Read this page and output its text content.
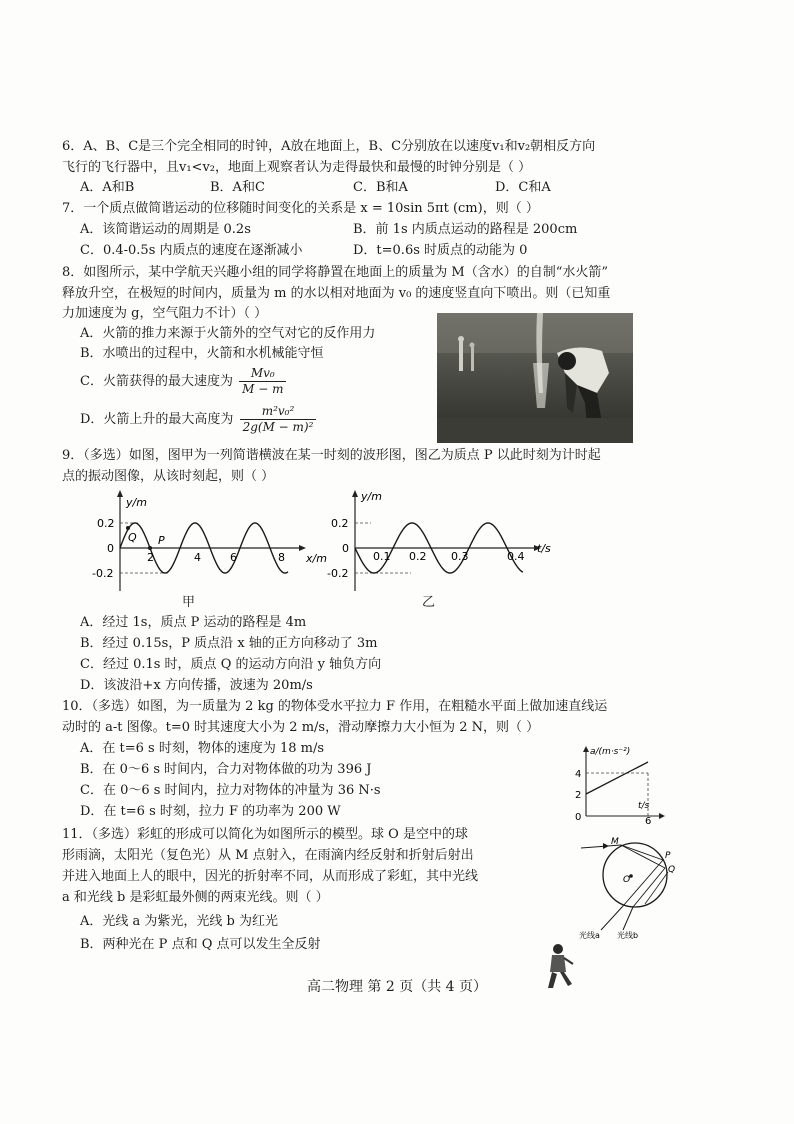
6．A、B、C是三个完全相同的时钟，A放在地面上，B、C分别放在以速度v₁和v₂朝相反方向
飞行的飞行器中，且v₁<v₂，地面上观察者认为走得最快和最慢的时钟分别是（ ）
A．A和B	B．A和C	C．B和A	D．C和A
7．一个质点做简谐运动的位移随时间变化的关系是 x = 10sin 5πt (cm)，则（ ）
A．该简谐运动的周期是 0.2s	B．前 1s 内质点运动的路程是 200cm
C．0.4-0.5s 内质点的速度在逐渐减小	D．t=0.6s 时质点的动能为 0
8．如图所示，某中学航天兴趣小组的同学将静置在地面上的质量为 M（含水）的自制“水火箭”
释放升空，在极短的时间内，质量为 m 的水以相对地面为 v₀ 的速度竖直向下喷出。则（已知重
力加速度为 g，空气阻力不计）（ ）
A．火箭的推力来源于火箭外的空气对它的反作用力
B．水喷出的过程中，火箭和水机械能守恒
C．火箭获得的最大速度为 $\frac{\text{Mv₀}}{M - m}$
D．火箭上升的最大高度为 $\frac{\text{m²v₀²}}{\text{2g(M − m)²}}$
9．（多选）如图，图甲为一列简谐横波在某一时刻的波形图，图乙为质点 P 以此时刻为计时起
点的振动图像，从该时刻起，则（ ）
y/m
x/m
0.2
0
-0.2
2	4	6	8
Q P
甲
y/m
t/s
0.2
0
-0.2
0.1 0.2 0.3	0.4
乙
A．经过 1s，质点 P 运动的路程是 4m
B．经过 0.15s，P 质点沿 x 轴的正方向移动了 3m
C．经过 0.1s 时，质点 Q 的运动方向沿 y 轴负方向
D．该波沿+x 方向传播，波速为 20m/s
10．（多选）如图，为一质量为 2 kg 的物体受水平拉力 F 作用，在粗糙水平面上做加速直线运
动时的 a-t 图像。t=0 时其速度大小为 2 m/s，滑动摩擦力大小恒为 2 N，则（ ）
A．在 t=6 s 时刻，物体的速度为 18 m/s
B．在 0～6 s 时间内，合力对物体做的功为 396 J
C．在 0～6 s 时间内，拉力对物体的冲量为 36 N·s
D．在 t=6 s 时刻，拉力 F 的功率为 200 W
a/(m·s⁻²)
t/s
4
2
0	6
11．（多选）彩虹的形成可以简化为如图所示的模型。球 O 是空中的球
形雨滴，太阳光（复色光）从 M 点射入，在雨滴内经反射和折射后射出
并进入地面上人的眼中，因光的折射率不同，从而形成了彩虹，其中光线
a 和光线 b 是彩虹最外侧的两束光线。则（ ）
A．光线 a 为紫光，光线 b 为红光
B．两种光在 P 点和 Q 点可以发生全反射
M
P
Q
O
光线a 光线b
高二物理 第 2 页（共 4 页）
